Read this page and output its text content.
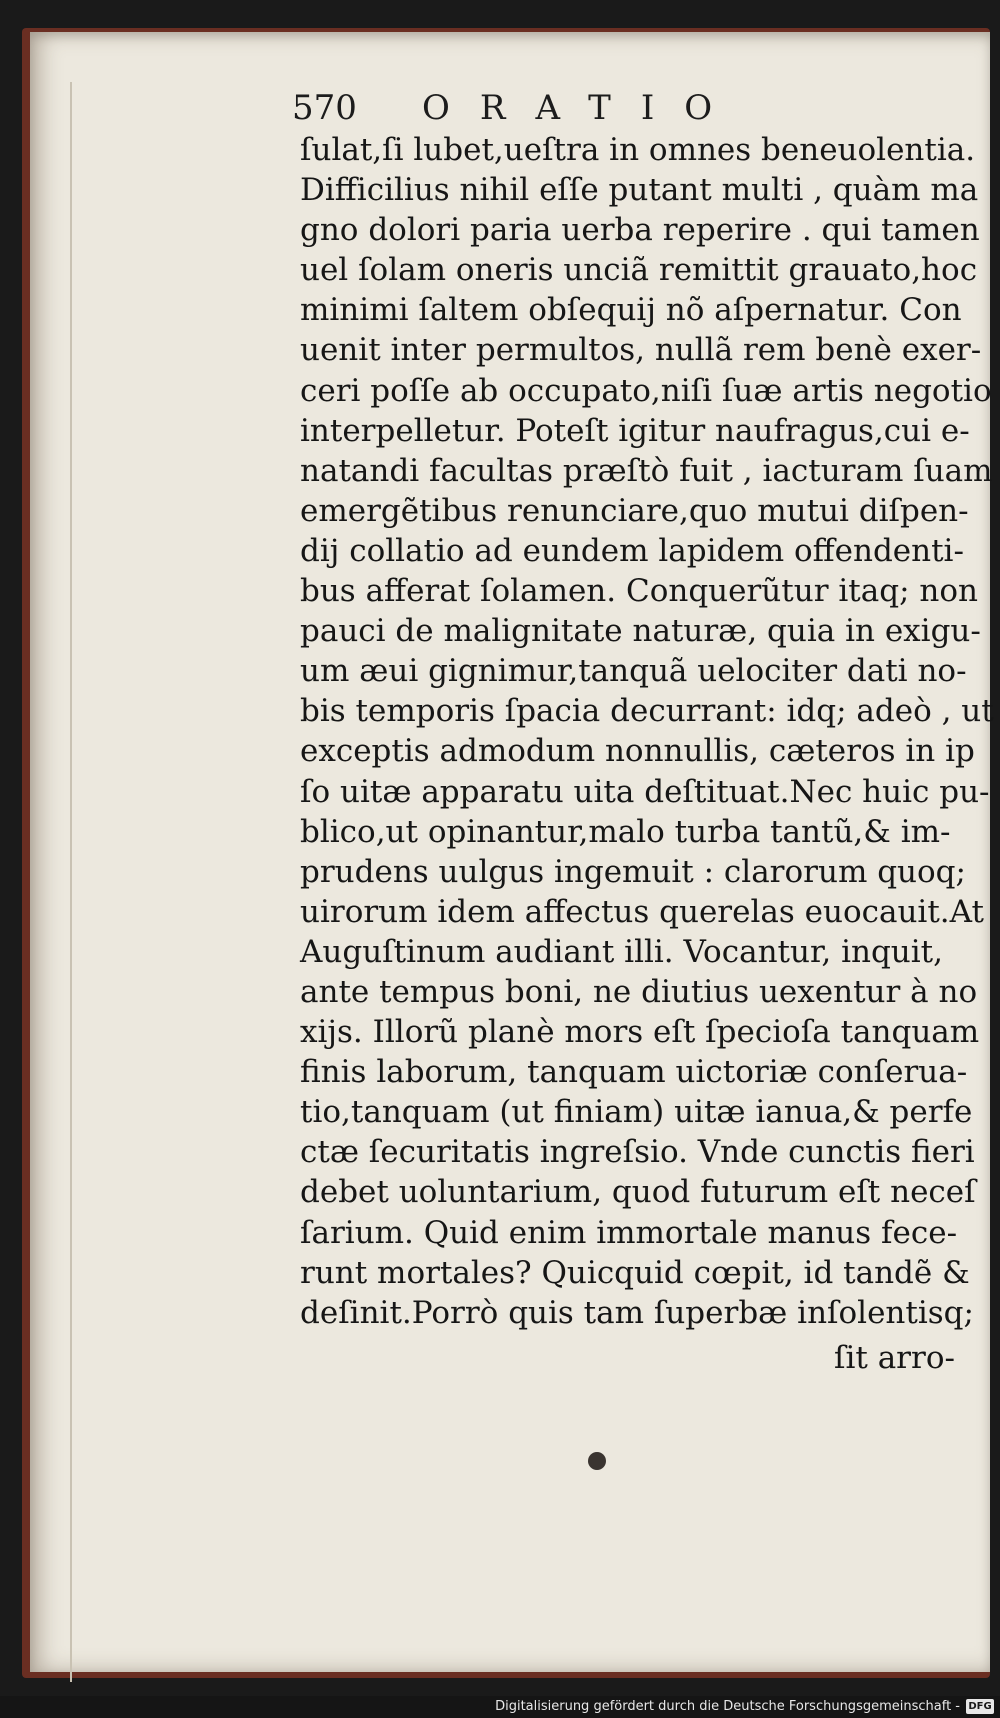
570 ORATIO
ſulat,ſi lubet,ueſtra in omnes beneuolentia.
Difficilius nihil eſſe putant multi , quàm ma
gno dolori paria uerba reperire . qui tamen
uel ſolam oneris unciã remittit grauato,hoc
minimi ſaltem obſequij nõ aſpernatur. Con
uenit inter permultos, nullã rem benè exer-
ceri poſſe ab occupato,niſi ſuæ artis negotio
interpelletur. Poteſt igitur naufragus,cui e-
natandi facultas præſtò fuit , iacturam ſuam
emergẽtibus renunciare,quo mutui diſpen-
dij collatio ad eundem lapidem offendenti-
bus afferat ſolamen. Conquerũtur itaq; non
pauci de malignitate naturæ, quia in exigu-
um æui gignimur,tanquã uelociter dati no-
bis temporis ſpacia decurrant: idq; adeò , ut
exceptis admodum nonnullis, cæteros in ip
ſo uitæ apparatu uita deſtituat.Nec huic pu-
blico,ut opinantur,malo turba tantũ,& im-
prudens uulgus ingemuit : clarorum quoq;
uirorum idem affectus querelas euocauit.At
Auguſtinum audiant illi. Vocantur, inquit,
ante tempus boni, ne diutius uexentur à no
xijs. Illorũ planè mors eſt ſpecioſa tanquam
finis laborum, tanquam uictoriæ conſerua-
tio,tanquam (ut finiam) uitæ ianua,& perfe
ctæ ſecuritatis ingreſsio. Vnde cunctis fieri
debet uoluntarium, quod futurum eſt neceſ
ſarium. Quid enim immortale manus fece-
runt mortales? Quicquid cœpit, id tandẽ &
deſinit.Porrò quis tam ſuperbæ inſolentisq;
ſit arro-
Digitalisierung gefördert durch die Deutsche Forschungsgemeinschaft - DFG
